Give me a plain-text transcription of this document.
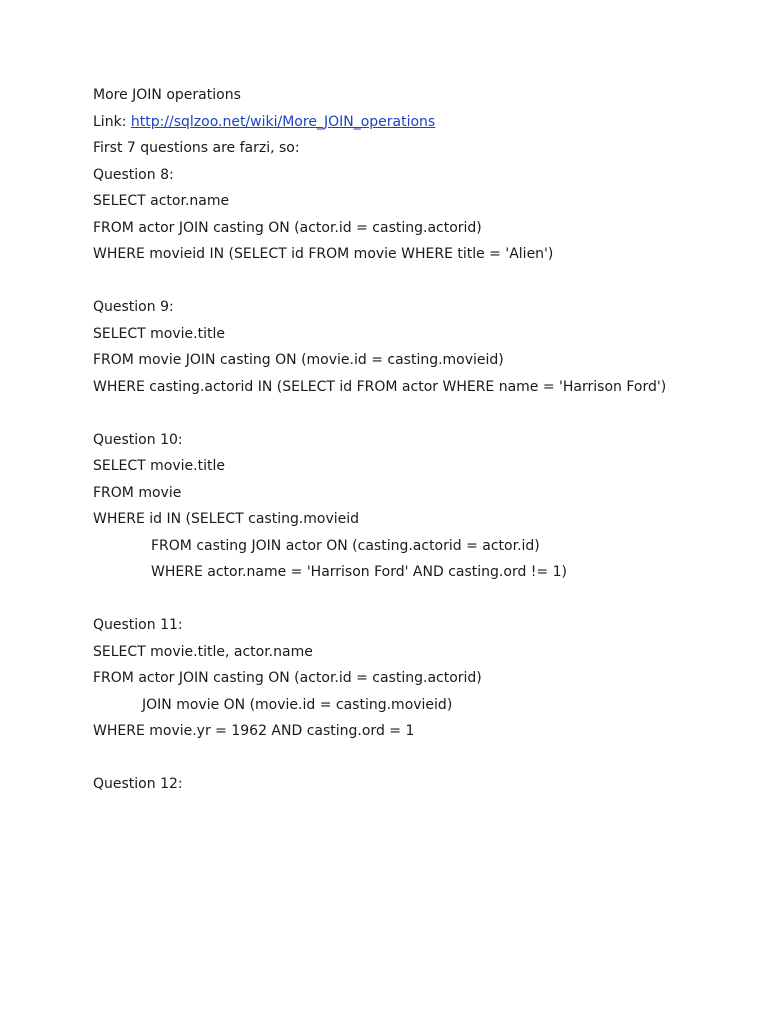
More JOIN operations
Link: http://sqlzoo.net/wiki/More_JOIN_operations
First 7 questions are farzi, so:
Question 8:
SELECT actor.name
FROM actor JOIN casting ON (actor.id = casting.actorid)
WHERE movieid IN (SELECT id FROM movie WHERE title = 'Alien')
Question 9:
SELECT movie.title
FROM movie JOIN casting ON (movie.id = casting.movieid)
WHERE casting.actorid IN (SELECT id FROM actor WHERE name = 'Harrison Ford')
Question 10:
SELECT movie.title
FROM movie
WHERE id IN (SELECT casting.movieid
FROM casting JOIN actor ON (casting.actorid = actor.id)
WHERE actor.name = 'Harrison Ford' AND casting.ord != 1)
Question 11:
SELECT movie.title, actor.name
FROM actor JOIN casting ON (actor.id = casting.actorid)
JOIN movie ON (movie.id = casting.movieid)
WHERE movie.yr = 1962 AND casting.ord = 1
Question 12:
